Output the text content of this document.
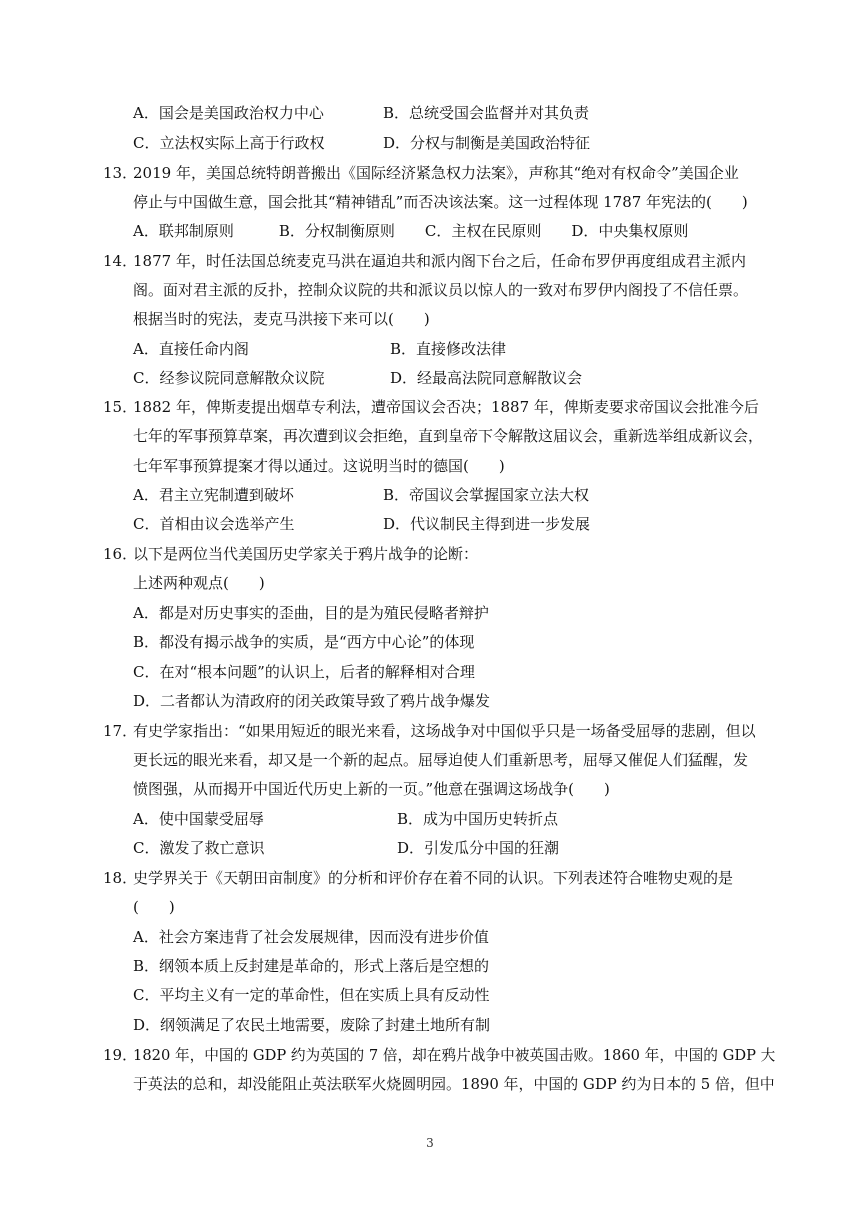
A．国会是美国政治权力中心	B．总统受国会监督并对其负责
C．立法权实际上高于行政权	D．分权与制衡是美国政治特征
13．
2019 年，美国总统特朗普搬出《国际经济紧急权力法案》，声称其“绝对有权命令”美国企业
停止与中国做生意，国会批其“精神错乱”而否决该法案。这一过程体现 1787 年宪法的(　　)
A．联邦制原则　　　B．分权制衡原则　　C．主权在民原则　　D．中央集权原则
14．
1877 年，时任法国总统麦克马洪在逼迫共和派内阁下台之后，任命布罗伊再度组成君主派内
阁。面对君主派的反扑，控制众议院的共和派议员以惊人的一致对布罗伊内阁投了不信任票。
根据当时的宪法，麦克马洪接下来可以(　　)
A．直接任命内阁	B．直接修改法律
C．经参议院同意解散众议院	D．经最高法院同意解散议会
15．
1882 年，俾斯麦提出烟草专利法，遭帝国议会否决；1887 年，俾斯麦要求帝国议会批准今后
七年的军事预算草案，再次遭到议会拒绝，直到皇帝下令解散这届议会，重新选举组成新议会，
七年军事预算提案才得以通过。这说明当时的德国(　　)
A．君主立宪制遭到破坏	B．帝国议会掌握国家立法大权
C．首相由议会选举产生	D．代议制民主得到进一步发展
16．
以下是两位当代美国历史学家关于鸦片战争的论断：
上述两种观点(　　)
A．都是对历史事实的歪曲，目的是为殖民侵略者辩护
B．都没有揭示战争的实质，是“西方中心论”的体现
C．在对“根本问题”的认识上，后者的解释相对合理
D．二者都认为清政府的闭关政策导致了鸦片战争爆发
17．
有史学家指出：“如果用短近的眼光来看，这场战争对中国似乎只是一场备受屈辱的悲剧，但以
更长远的眼光来看，却又是一个新的起点。屈辱迫使人们重新思考，屈辱又催促人们猛醒，发
愤图强，从而揭开中国近代历史上新的一页。”他意在强调这场战争(　　)
A．使中国蒙受屈辱	B．成为中国历史转折点
C．激发了救亡意识	D．引发瓜分中国的狂潮
18．
史学界关于《天朝田亩制度》的分析和评价存在着不同的认识。下列表述符合唯物史观的是
(　　)
A．社会方案违背了社会发展规律，因而没有进步价值
B．纲领本质上反封建是革命的，形式上落后是空想的
C．平均主义有一定的革命性，但在实质上具有反动性
D．纲领满足了农民土地需要，废除了封建土地所有制
19．
1820 年，中国的 GDP 约为英国的 7 倍，却在鸦片战争中被英国击败。1860 年，中国的 GDP 大
于英法的总和，却没能阻止英法联军火烧圆明园。1890 年，中国的 GDP 约为日本的 5 倍，但中
3
